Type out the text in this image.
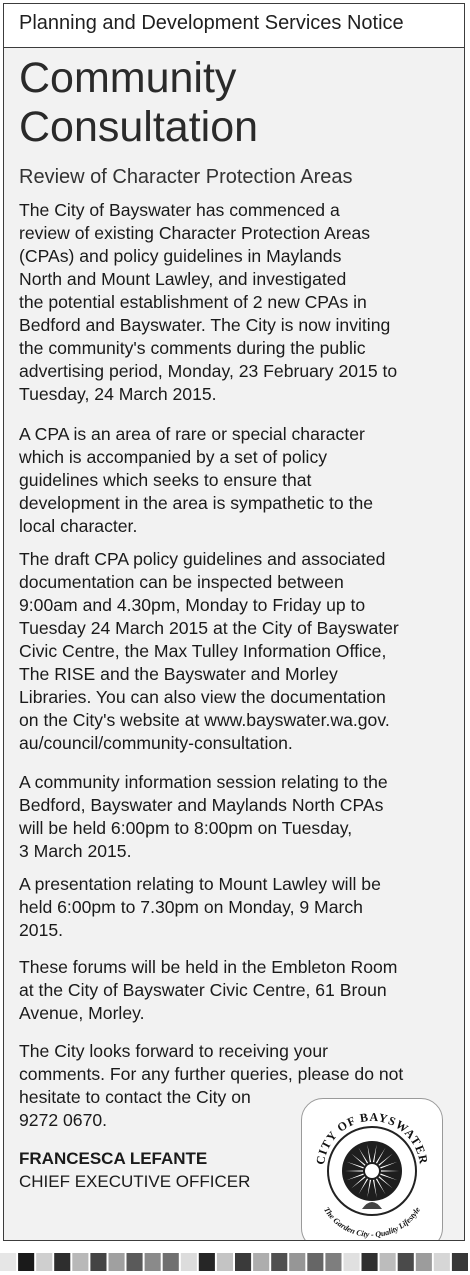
Planning and Development Services Notice
Community
Consultation
Review of Character Protection Areas

The City of Bayswater has commenced a
review of existing Character Protection Areas
(CPAs) and policy guidelines in Maylands
North and Mount Lawley, and investigated
the potential establishment of 2 new CPAs in
Bedford and Bayswater. The City is now inviting
the community's comments during the public
advertising period, Monday, 23 February 2015 to
Tuesday, 24 March 2015.

A CPA is an area of rare or special character
which is accompanied by a set of policy
guidelines which seeks to ensure that
development in the area is sympathetic to the
local character.

The draft CPA policy guidelines and associated
documentation can be inspected between
9:00am and 4.30pm, Monday to Friday up to
Tuesday 24 March 2015 at the City of Bayswater
Civic Centre, the Max Tulley Information Office,
The RISE and the Bayswater and Morley
Libraries. You can also view the documentation
on the City's website at www.bayswater.wa.gov.
au/council/community-consultation.

A community information session relating to the
Bedford, Bayswater and Maylands North CPAs
will be held 6:00pm to 8:00pm on Tuesday,
3 March 2015.

A presentation relating to Mount Lawley will be
held 6:00pm to 7.30pm on Monday, 9 March
2015.

These forums will be held in the Embleton Room
at the City of Bayswater Civic Centre, 61 Broun
Avenue, Morley.

The City looks forward to receiving your
comments. For any further queries, please do not
hesitate to contact the City on
9272 0670.

FRANCESCA LEFANTE
CHIEF EXECUTIVE OFFICER
CITY OF BAYSWATER
The Garden City - Quality Lifestyle
